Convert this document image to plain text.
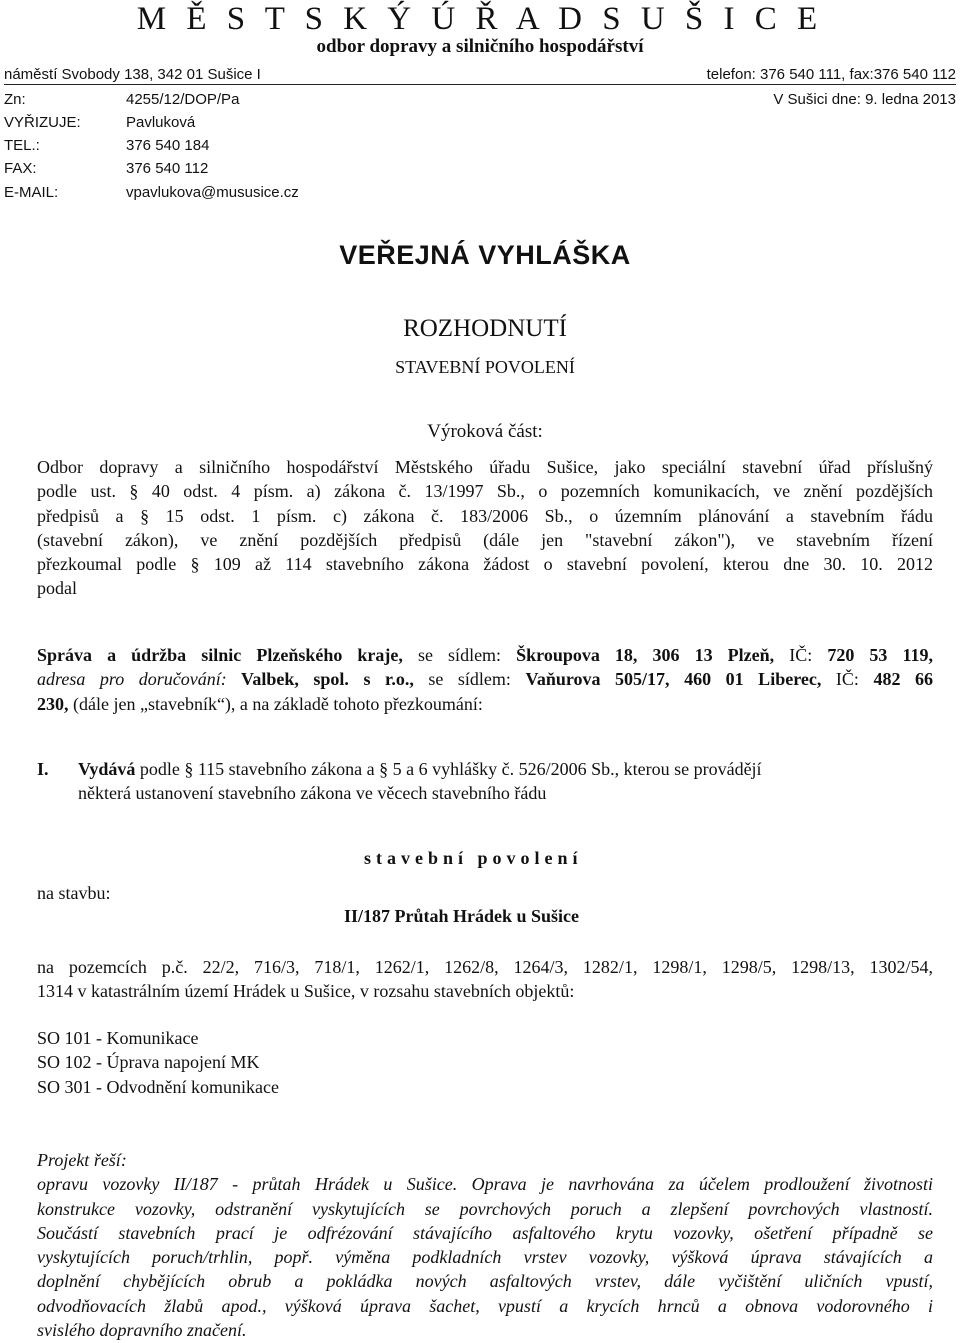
M Ě S T S K Ý Ú Ř A D S U Š I C E
odbor dopravy a silničního hospodářství
náměstí Svobody 138, 342 01 Sušice I	telefon: 376 540 111, fax:376 540 112
Zn:	4255/12/DOP/Pa	V Sušici dne: 9. ledna 2013
VYŘIZUJE:	Pavluková
TEL.:	376 540 184
FAX:	376 540 112
E-MAIL:	vpavlukova@mususice.cz
VEŘEJNÁ VYHLÁŠKA
ROZHODNUTÍ
STAVEBNÍ POVOLENÍ
Výroková část:
Odbor dopravy a silničního hospodářství Městského úřadu Sušice, jako speciální stavební úřad příslušný
podle ust. § 40 odst. 4 písm. a) zákona č. 13/1997 Sb., o pozemních komunikacích, ve znění pozdějších
předpisů a § 15 odst. 1 písm. c) zákona č. 183/2006 Sb., o územním plánování a stavebním řádu
(stavební zákon), ve znění pozdějších předpisů (dále jen "stavební zákon"), ve stavebním řízení
přezkoumal podle § 109 až 114 stavebního zákona žádost o stavební povolení, kterou dne 30. 10. 2012
podal
Správa a údržba silnic Plzeňského kraje, se sídlem: Škroupova 18, 306 13 Plzeň, IČ: 720 53 119,
adresa pro doručování: Valbek, spol. s r.o., se sídlem: Vaňurova 505/17, 460 01 Liberec, IČ: 482 66
230, (dále jen „stavebník“), a na základě tohoto přezkoumání:
I. Vydává podle § 115 stavebního zákona a § 5 a 6 vyhlášky č. 526/2006 Sb., kterou se provádějí
některá ustanovení stavebního zákona ve věcech stavebního řádu
stavební povolení
na stavbu:
II/187 Průtah Hrádek u Sušice
na pozemcích p.č. 22/2, 716/3, 718/1, 1262/1, 1262/8, 1264/3, 1282/1, 1298/1, 1298/5, 1298/13, 1302/54,
1314 v katastrálním území Hrádek u Sušice, v rozsahu stavebních objektů:
SO 101 - Komunikace
SO 102 - Úprava napojení MK
SO 301 - Odvodnění komunikace
Projekt řeší:
opravu vozovky II/187 - průtah Hrádek u Sušice. Oprava je navrhována za účelem prodloužení životnosti
konstrukce vozovky, odstranění vyskytujících se povrchových poruch a zlepšení povrchových vlastností.
Součástí stavebních prací je odfrézování stávajícího asfaltového krytu vozovky, ošetření případně se
vyskytujících poruch/trhlin, popř. výměna podkladních vrstev vozovky, výšková úprava stávajících a
doplnění chybějících obrub a pokládka nových asfaltových vrstev, dále vyčištění uličních vpustí,
odvodňovacích žlabů apod., výšková úprava šachet, vpustí a krycích hrnců a obnova vodorovného i
svislého dopravního značení.
